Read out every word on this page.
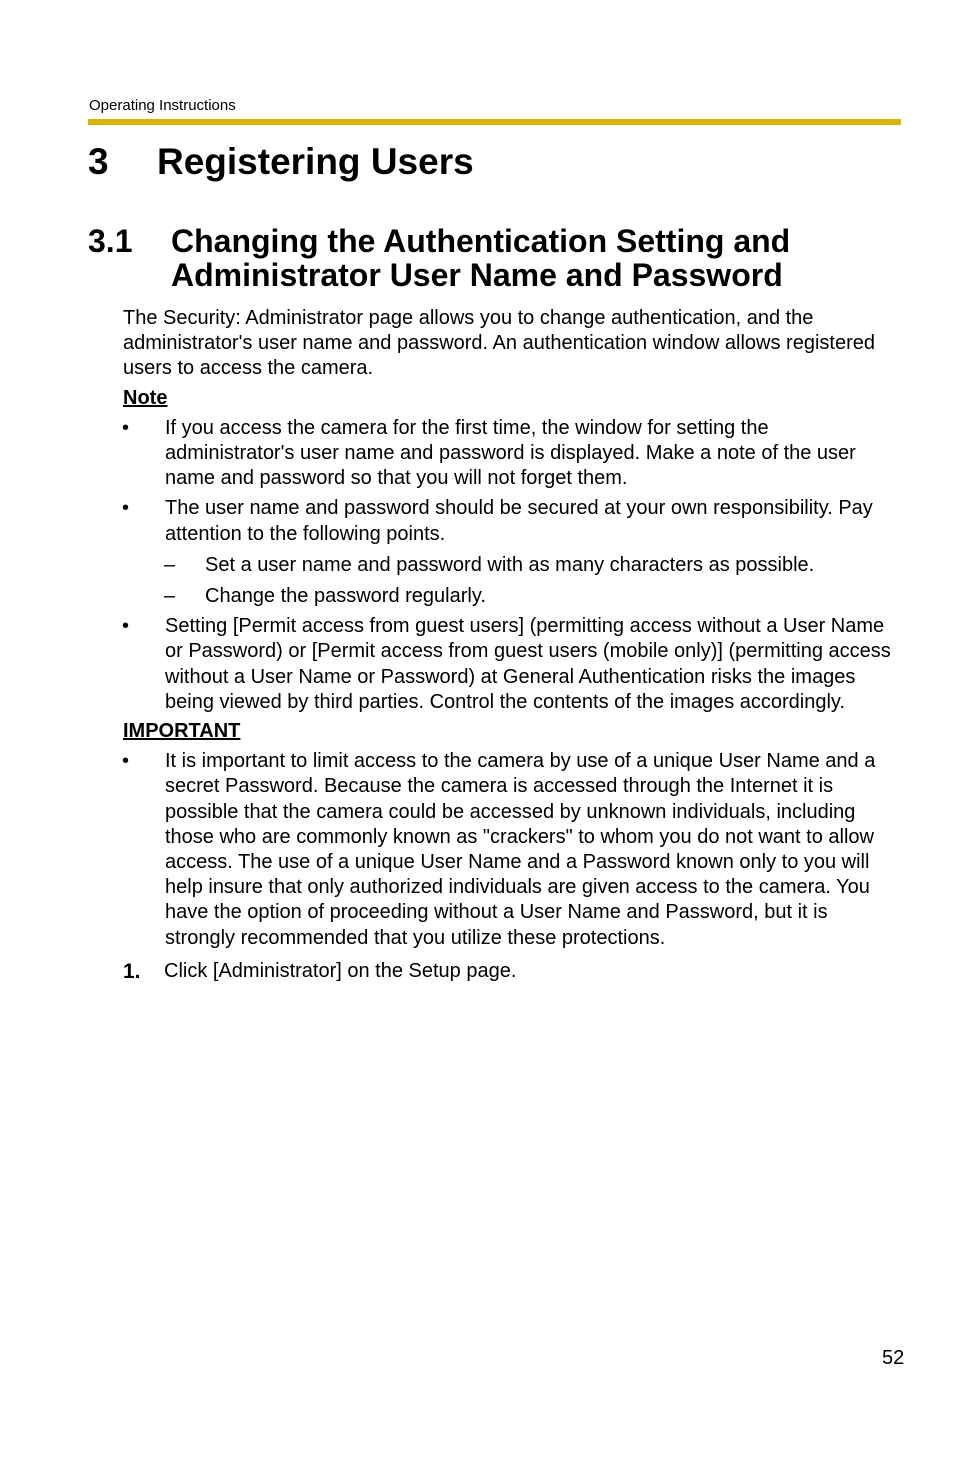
Operating Instructions
3	Registering Users
3.1	Changing the Authentication Setting and Administrator User Name and Password

The Security: Administrator page allows you to change authentication, and the administrator's user name and password. An authentication window allows registered users to access the camera.

Note
•	If you access the camera for the first time, the window for setting the administrator's user name and password is displayed. Make a note of the user name and password so that you will not forget them.
•	The user name and password should be secured at your own responsibility. Pay attention to the following points.
–	Set a user name and password with as many characters as possible.
–	Change the password regularly.
•	Setting [Permit access from guest users] (permitting access without a User Name or Password) or [Permit access from guest users (mobile only)] (permitting access without a User Name or Password) at General Authentication risks the images being viewed by third parties. Control the contents of the images accordingly.
IMPORTANT
•	It is important to limit access to the camera by use of a unique User Name and a secret Password. Because the camera is accessed through the Internet it is possible that the camera could be accessed by unknown individuals, including those who are commonly known as "crackers" to whom you do not want to allow access. The use of a unique User Name and a Password known only to you will help insure that only authorized individuals are given access to the camera. You have the option of proceeding without a User Name and Password, but it is strongly recommended that you utilize these protections.
1.	Click [Administrator] on the Setup page.
52
